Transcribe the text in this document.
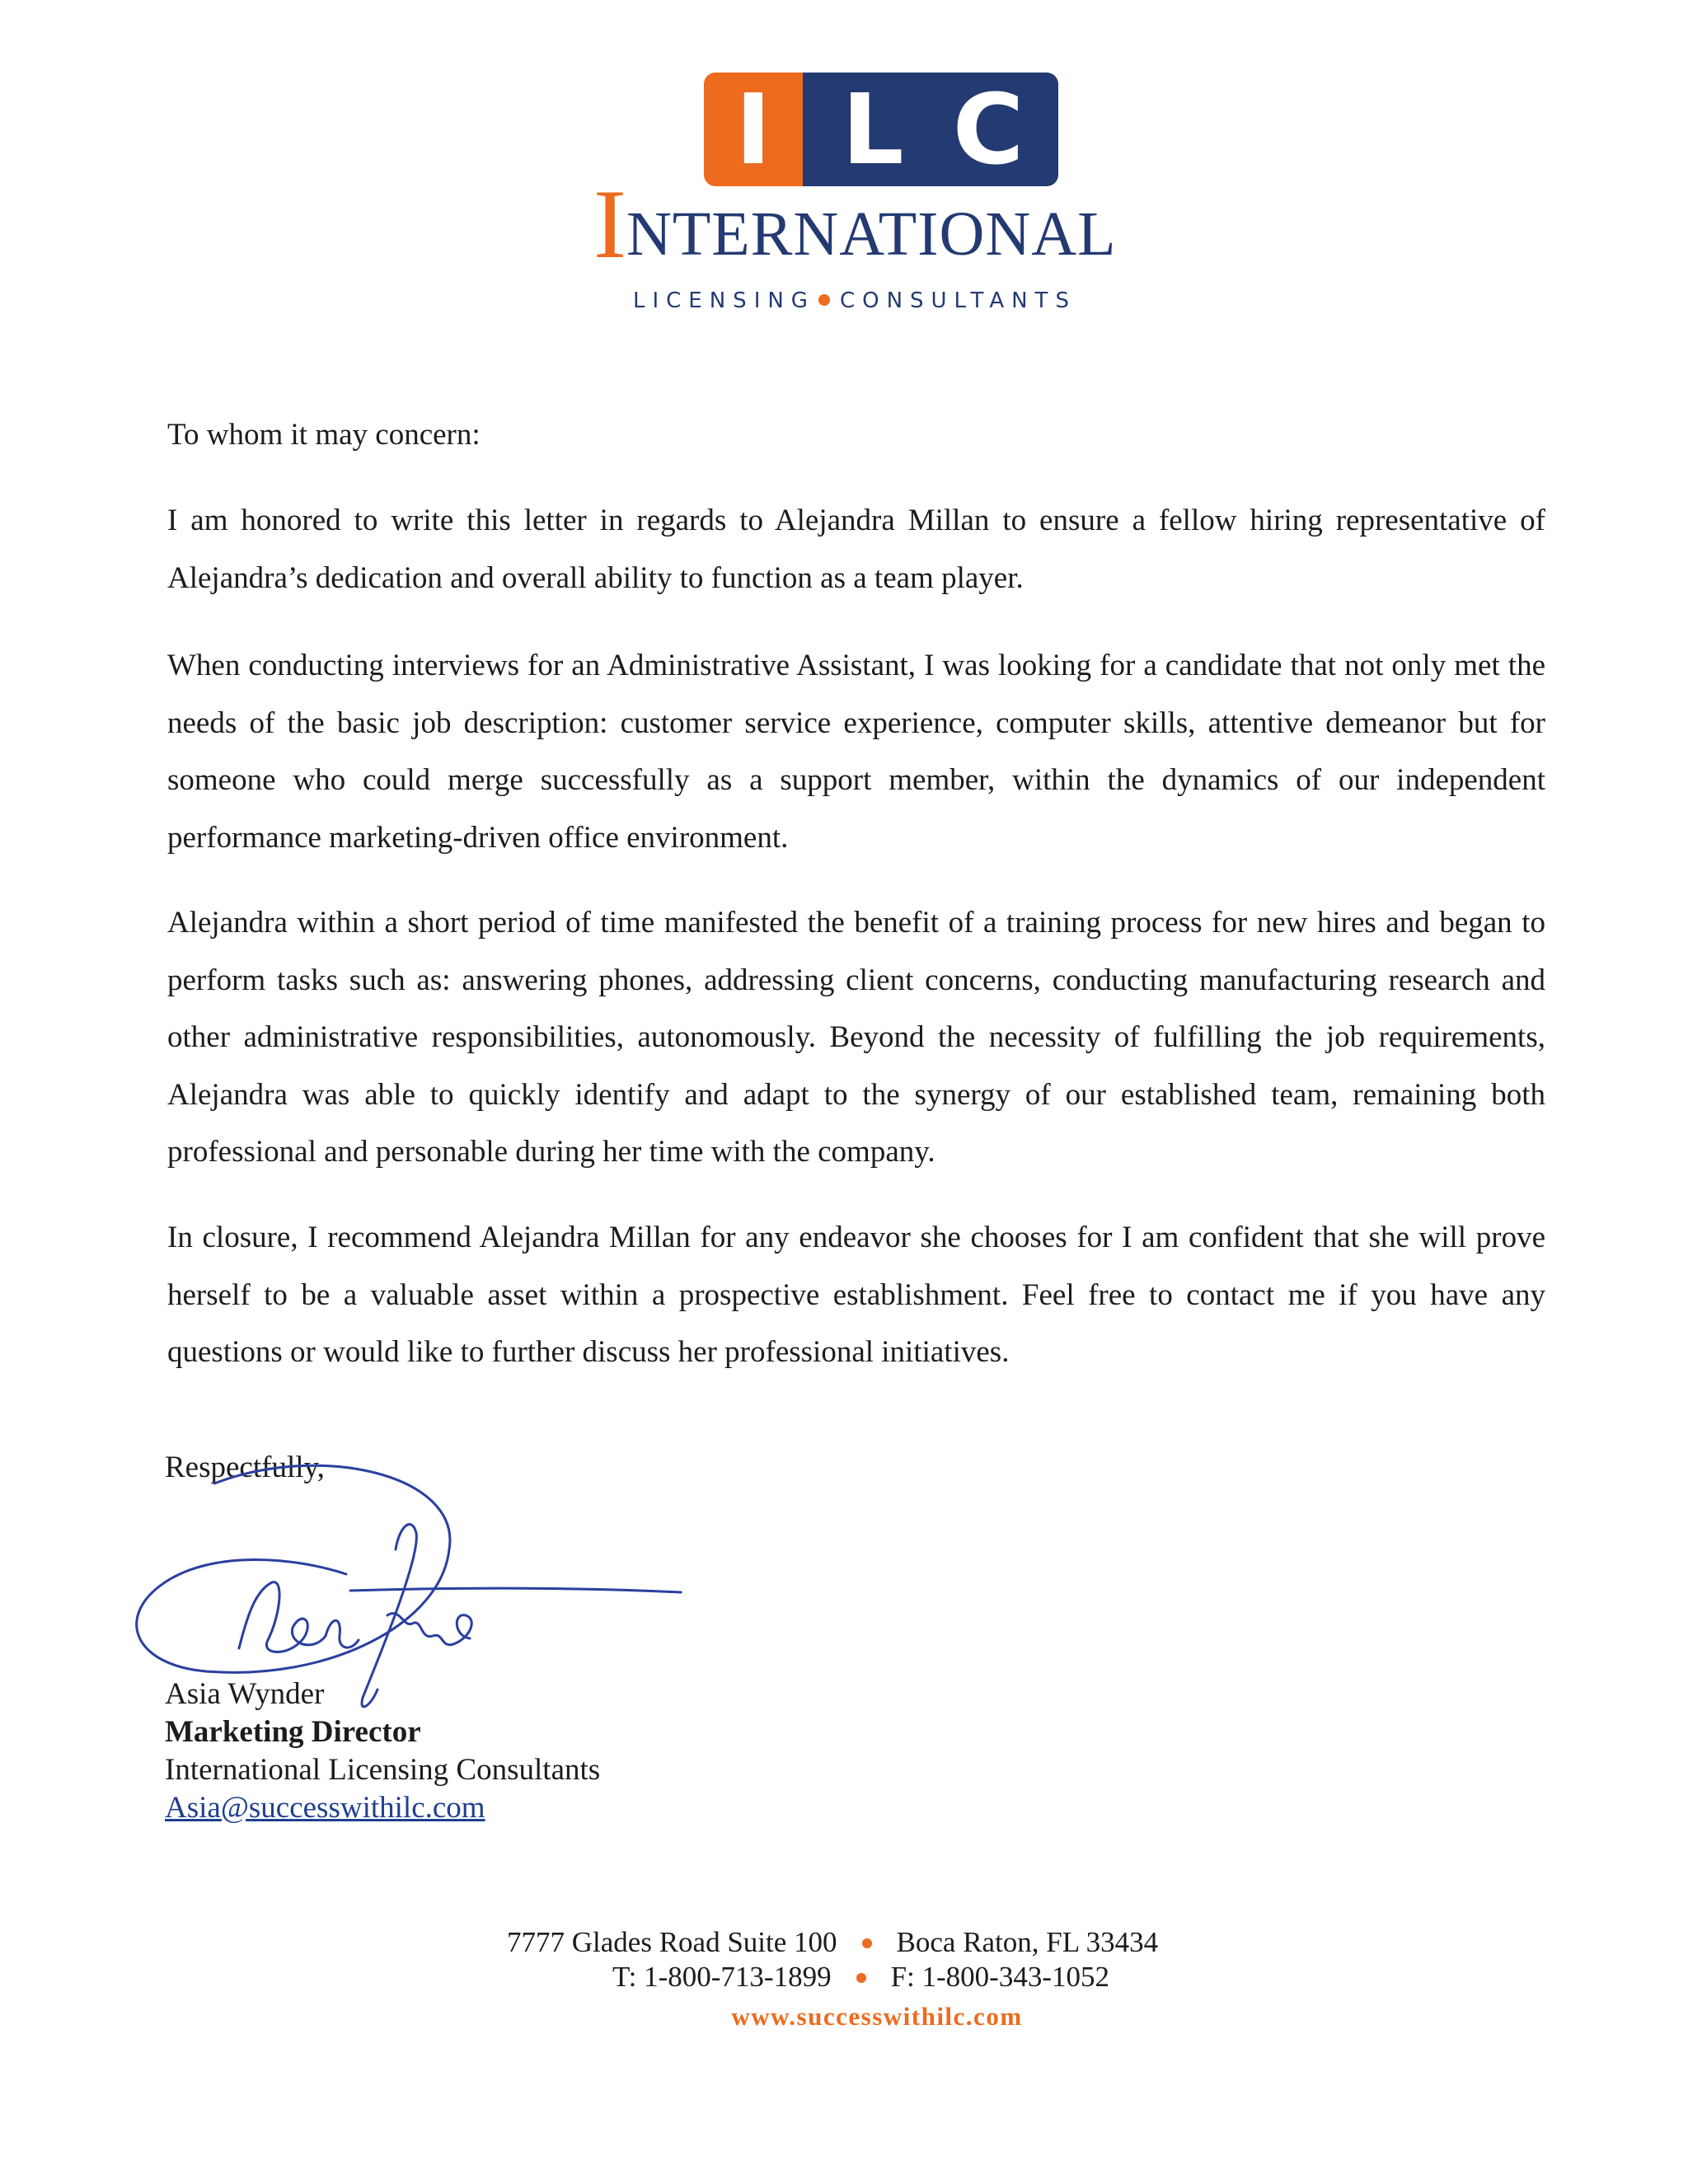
I L C
INTERNATIONAL
LICENSING CONSULTANTS
To whom it may concern:
I am honored to write this letter in regards to Alejandra Millan to ensure a fellow hiring representative of Alejandra’s dedication and overall ability to function as a team player.
When conducting interviews for an Administrative Assistant, I was looking for a candidate that not only met the needs of the basic job description: customer service experience, computer skills, attentive demeanor but for someone who could merge successfully as a support member, within the dynamics of our independent performance marketing-driven office environment.
Alejandra within a short period of time manifested the benefit of a training process for new hires and began to perform tasks such as: answering phones, addressing client concerns, conducting manufacturing research and other administrative responsibilities, autonomously. Beyond the necessity of fulfilling the job requirements, Alejandra was able to quickly identify and adapt to the synergy of our established team, remaining both professional and personable during her time with the company.
In closure, I recommend Alejandra Millan for any endeavor she chooses for I am confident that she will prove herself to be a valuable asset within a prospective establishment. Feel free to contact me if you have any questions or would like to further discuss her professional initiatives.
Respectfully,
Asia Wynder
Marketing Director
International Licensing Consultants
Asia@successwithilc.com
7777 Glades Road Suite 100 Boca Raton, FL 33434
T: 1-800-713-1899 F: 1-800-343-1052
www.successwithilc.com
